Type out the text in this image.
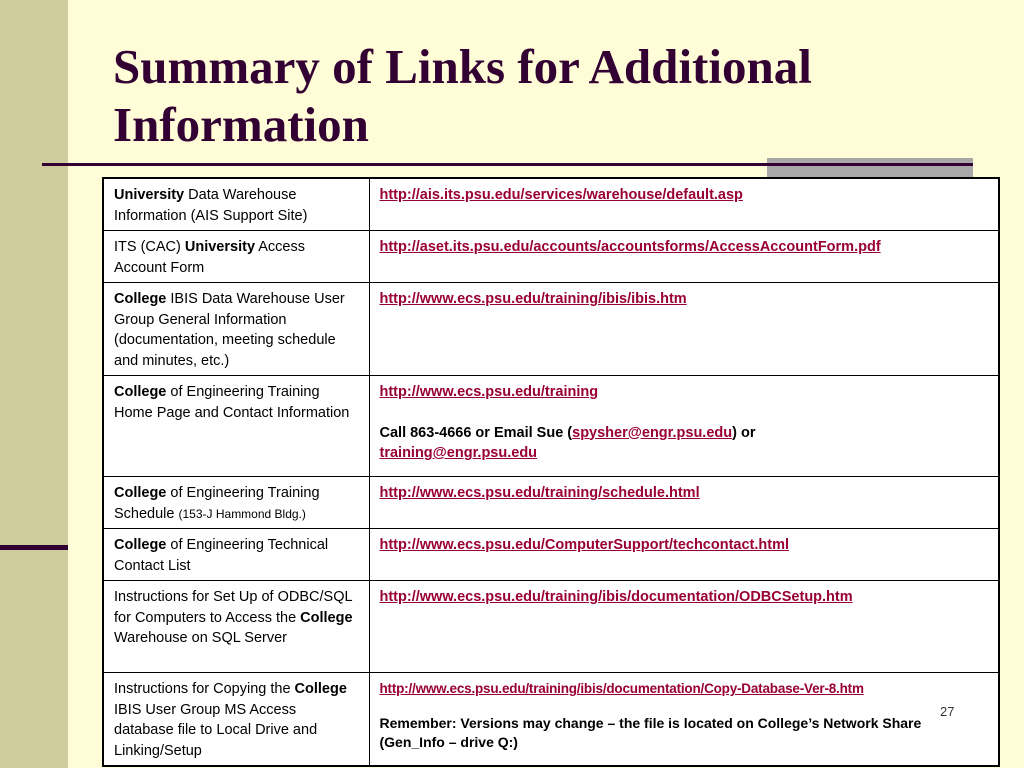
Summary of Links for Additional Information
University Data Warehouse Information (AIS Support Site)	http://ais.its.psu.edu/services/warehouse/default.asp
ITS (CAC) University Access Account Form	http://aset.its.psu.edu/accounts/accountsforms/AccessAccountForm.pdf
College IBIS Data Warehouse User Group General Information (documentation, meeting schedule and minutes, etc.)	http://www.ecs.psu.edu/training/ibis/ibis.htm
College of Engineering Training Home Page and Contact Information	http://www.ecs.psu.edu/training
Call 863-4666 or Email Sue (spysher@engr.psu.edu) or
training@engr.psu.edu

College of Engineering Training Schedule (153-J Hammond Bldg.)	http://www.ecs.psu.edu/training/schedule.html
College of Engineering Technical Contact List	http://www.ecs.psu.edu/ComputerSupport/techcontact.html
Instructions for Set Up of ODBC/SQL for Computers to Access the College Warehouse on SQL Server	http://www.ecs.psu.edu/training/ibis/documentation/ODBCSetup.htm
Instructions for Copying the College IBIS User Group MS Access database file to Local Drive and Linking/Setup	http://www.ecs.psu.edu/training/ibis/documentation/Copy-Database-Ver-8.htm
Remember: Versions may change – the file is located on College’s Network Share (Gen_Info – drive Q:)
27
